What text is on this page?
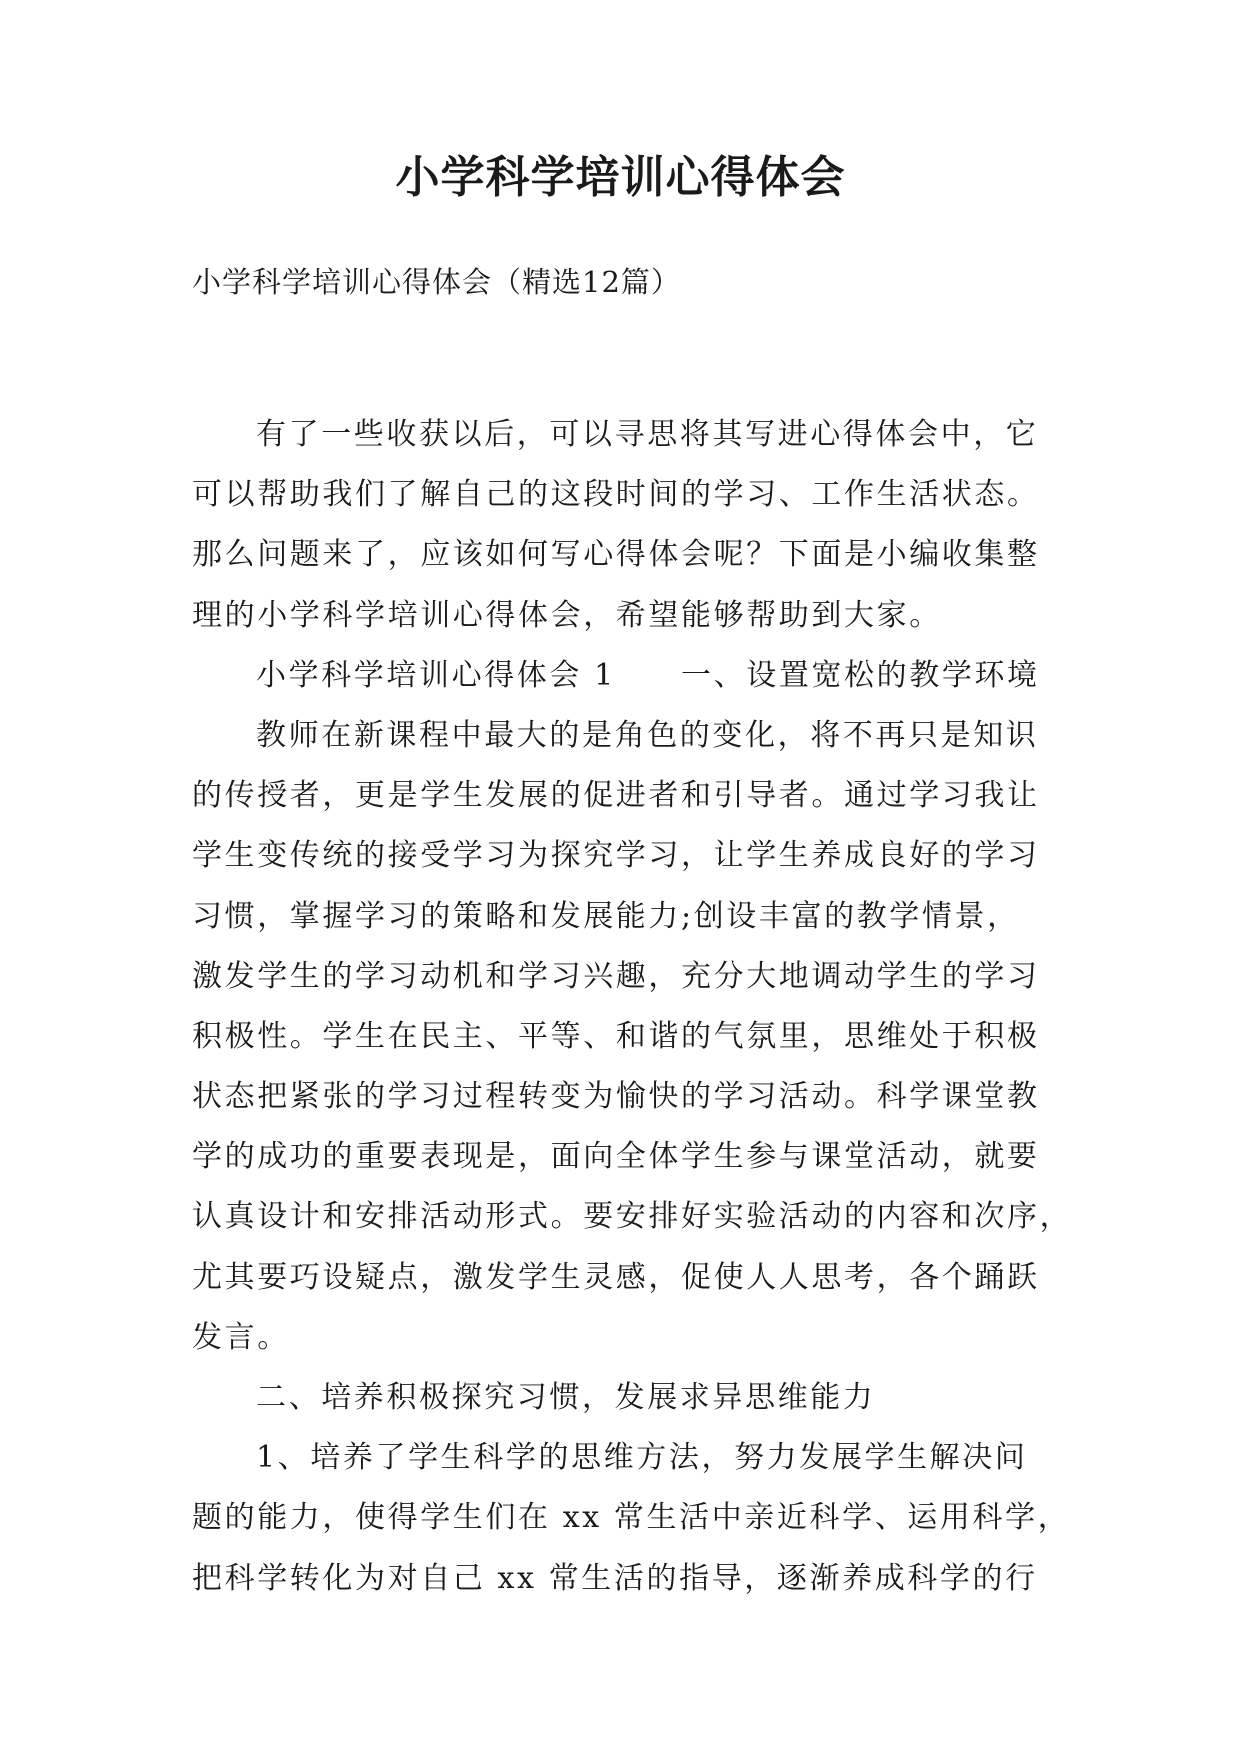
小学科学培训心得体会

小学科学培训心得体会（精选12篇）

有了一些收获以后，可以寻思将其写进心得体会中，它
可以帮助我们了解自己的这段时间的学习、工作生活状态。
那么问题来了，应该如何写心得体会呢？下面是小编收集整
理的小学科学培训心得体会，希望能够帮助到大家。
小学科学培训心得体会 1　　一、设置宽松的教学环境
教师在新课程中最大的是角色的变化，将不再只是知识
的传授者，更是学生发展的促进者和引导者。通过学习我让
学生变传统的接受学习为探究学习，让学生养成良好的学习
习惯，掌握学习的策略和发展能力;创设丰富的教学情景，
激发学生的学习动机和学习兴趣，充分大地调动学生的学习
积极性。学生在民主、平等、和谐的气氛里，思维处于积极
状态把紧张的学习过程转变为愉快的学习活动。科学课堂教
学的成功的重要表现是，面向全体学生参与课堂活动，就要
认真设计和安排活动形式。要安排好实验活动的内容和次序，
尤其要巧设疑点，激发学生灵感，促使人人思考，各个踊跃
发言。
二、培养积极探究习惯，发展求异思维能力
1、培养了学生科学的思维方法，努力发展学生解决问
题的能力，使得学生们在 xx 常生活中亲近科学、运用科学，
把科学转化为对自己 xx 常生活的指导，逐渐养成科学的行
